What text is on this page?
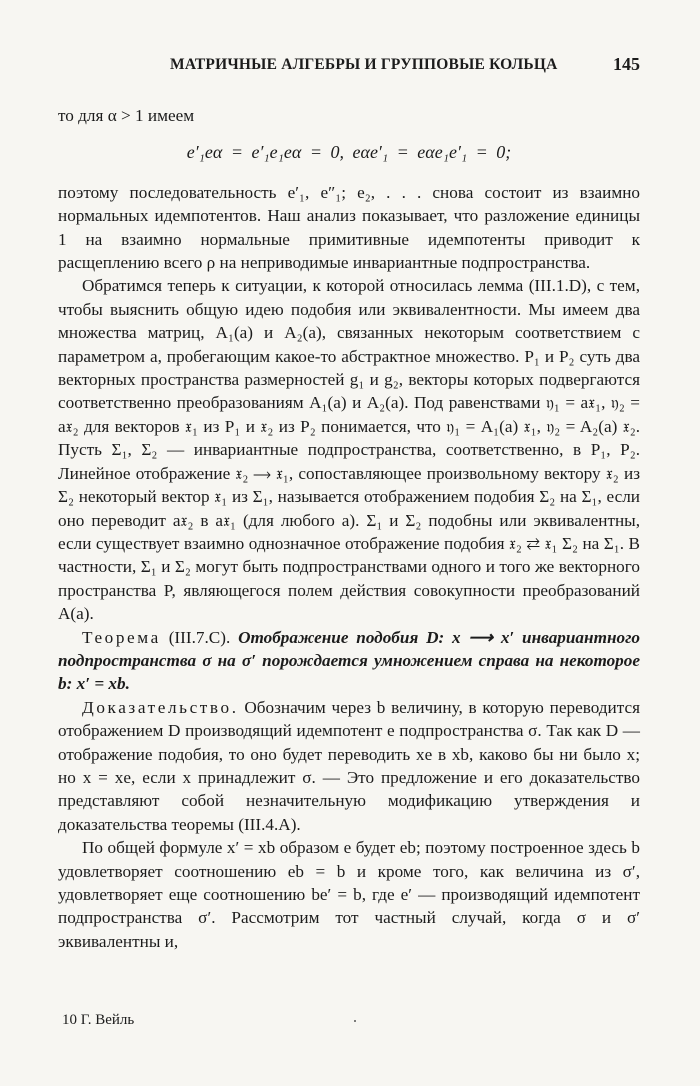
МАТРИЧНЫЕ АЛГЕБРЫ И ГРУППОВЫЕ КОЛЬЦА	145

то для α > 1 имеем

e′₁eα = e′₁e₁eα = 0, eαe′₁ = eαe₁e′₁ = 0;

поэтому последовательность e′₁, e″₁; e₂, . . . снова состоит из взаимно нормальных идемпотентов. Наш анализ показывает, что разложение единицы 1 на взаимно нормальные примитивные идемпотенты приводит к расщеплению всего ρ на неприводимые инвариантные подпространства.

Обратимся теперь к ситуации, к которой относилась лемма (III.1.D), с тем, чтобы выяснить общую идею подобия или эквивалентности. Мы имеем два множества матриц, A₁(a) и A₂(a), связанных некоторым соответствием с параметром a, пробегающим какое-то абстрактное множество. P₁ и P₂ суть два векторных пространства размерностей g₁ и g₂, векторы которых подвергаются соответственно преобразованиям A₁(a) и A₂(a). Под равенствами 𝔶₁ = a𝔵₁, 𝔶₂ = a𝔵₂ для векторов 𝔵₁ из P₁ и 𝔵₂ из P₂ понимается, что 𝔶₁ = A₁(a) 𝔵₁, 𝔶₂ = A₂(a) 𝔵₂. Пусть Σ₁, Σ₂ — инвариантные подпространства, соответственно, в P₁, P₂. Линейное отображение 𝔵₂ ⟶ 𝔵₁, сопоставляющее произвольному вектору 𝔵₂ из Σ₂ некоторый вектор 𝔵₁ из Σ₁, называется отображением подобия Σ₂ на Σ₁, если оно переводит a𝔵₂ в a𝔵₁ (для любого a). Σ₁ и Σ₂ подобны или эквивалентны, если существует взаимно однозначное отображение подобия 𝔵₂ ⇄ 𝔵₁ Σ₂ на Σ₁. В частности, Σ₁ и Σ₂ могут быть подпространствами одного и того же векторного пространства P, являющегося полем действия совокупности преобразований A(a).

Теорема (III.7.C). Отображение подобия D: x ⟶ x′ инвариантного подпространства σ на σ′ порождается умножением справа на некоторое b: x′ = xb.

Доказательство. Обозначим через b величину, в которую переводится отображением D производящий идемпотент e подпространства σ. Так как D — отображение подобия, то оно будет переводить xe в xb, каково бы ни было x; но x = xe, если x принадлежит σ. — Это предложение и его доказательство представляют собой незначительную модификацию утверждения и доказательства теоремы (III.4.A).

По общей формуле x′ = xb образом e будет eb; поэтому построенное здесь b удовлетворяет соотношению eb = b и кроме того, как величина из σ′, удовлетворяет еще соотношению be′ = b, где e′ — производящий идемпотент подпространства σ′. Рассмотрим тот частный случай, когда σ и σ′ эквивалентны и,

10 Г. Вейль
